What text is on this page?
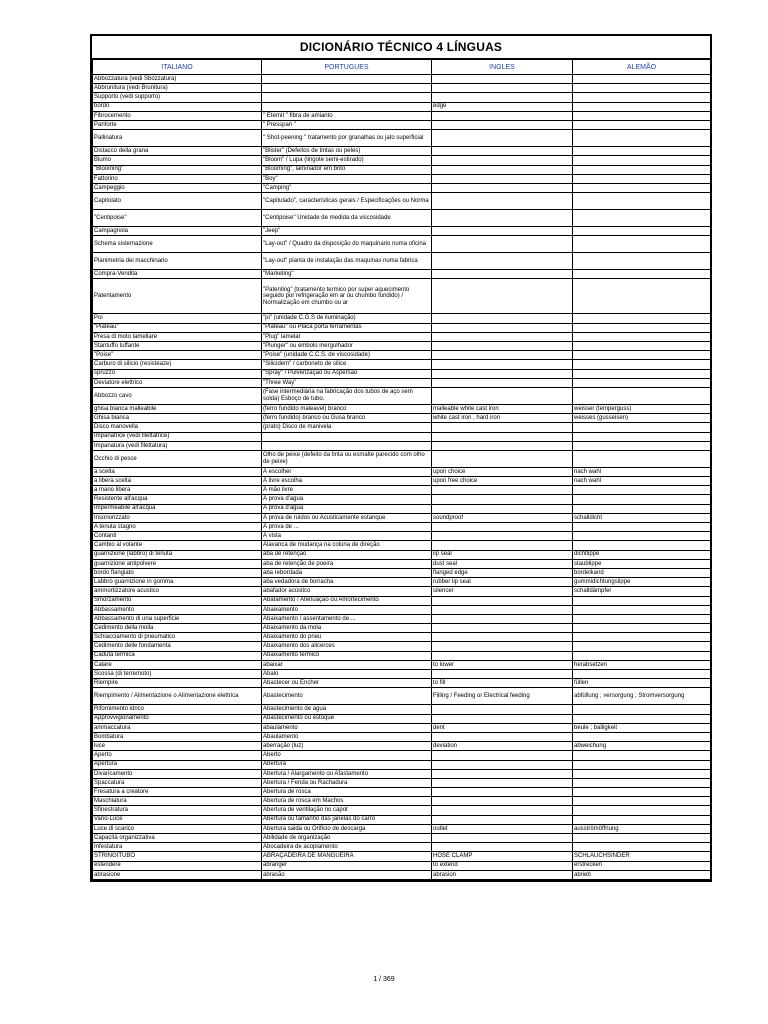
DICIONÁRIO TÉCNICO 4 LÍNGUAS
ITALIANO	PORTUGUES	INGLES	ALEMÃO
Abbozzatura (vedi Sbozzatura)			
Abbrunitura (vedi Brunitura)			
Supporto (vedi supporto)			
bordo		edge	
Fibrocemento	" Eternit " fibra de amianto		
Panforte	" Presspan "		
Pallinatura	" Shot-peening " tratamento por granalhas ou jato superficial		
Distacco della grana	"Blister" (Defeitos de tintas ou peles)		
Blumo	"Bloom" / Lupa (lingote semi-estirado)		
"Blooming"	"Blooming", laminador em brito		
Fattorino	"Boy"		
Campeggio	"Camping"		
Capitolato	"Capitulado", caracteristicas gerais / Especificações ou Norma		
"Centipoise"	"Centipoise" Unidade de medida da viscosidade		
Campagnola	"Jeep"		
Schema sistemazione	"Lay-out" / Quadro da disposição do maquinario numa oficina		
Planimetria dei macchinario	"Lay-out" planta de instalação das maquinas numa fabrica		
Compra-Vendita	"Marketing"		
Patentamento	"Patenting" (tratamento termico por super aquecimento seguido por refrigeração em ar ou chumbo fundido) / Normalização em chumbo ou ar		
Poi	"pi" (unidade C.G.S de iluminação)		
"Plateau"	"Plateau" ou Placa porta ferramentas		
Presa di moto lamellare	"Plug" lamelar		
Stantuffo tuffante	"Plunger" ou embolo mergulhador		
"Poise"	"Poise" (unidade C.C.S. de viscosidade)		
Carburo di silicio (resisteaze)	"Silicidem" / carboneto de silice		
spruzzo	"Spray" / Pulverização ou Aspersão		
Deviatore elettrico	"Three Way"		
Abbozzo cavo	(Fase intermediária na fabricação dos tubos de aço sem solda) Esboço de tubo.		
ghisa bianca malleabile	(ferro fundido maleavel) branco	malleable white cast iron	weisser (temperguss)
Ghisa bianca	(ferro fundido) branco ou Gusa branco	white cast iron , hard iron	weisses (gusseisen)
Disco manovella	(prato) Disco de manivela		
Impanatrice (vedi filettatrice)			
Impanatura (vedi filettatura)			
Occhio di pesce	Olho de peixe (defeito da tinta ou esmalte parecido com olho de peixe)		
a scelta	À escolher	upon choice	nach wahl
a libera scelta	À livre escolha	upon free choice	nach wahl
a mano libera	À mão livre		
Resistente all'acqua	À prova d'agua		
Impermeabile all'acqua	À prova d'agua		
Insonorizzato	À prova de ruidos ou Acusticamente estanque	soundproof	schalldicht
A tenuta stagno	À prova de ...		
Contanti	À vista		
Cambio al volante	Alavanca de mudança na coluna de direção		
guarnizione (labbro) di tenuta	aba de retenção	lip seal	dichtlippe
guarnizione antipolvere	aba de retenção de poeira	dust seal	staublippe
bordo flangiato	aba rebordada	flanged edge	bordelkand
Labbro guarnizione in gomma	aba vedadora de borracha	rubber lip seal	gummidichtungslippe
ammortizzatore acustico	abafador acústico	silencer	schalldämpfer
Smorzamento	Abafamento / Atenuação ou Amortecimento		
Abbassamento	Abaixamento		
Abbassamento di una superficie	Abaixamento / assentamento de ...		
Cedimento della molla	Abaixamento da mola		
Schiacciamento di pneumatico	Abaixamento do pneu		
Cedimento delle fondamenta	Abaixamento dos alicerces		
Caduta termica	Abaixamento térmico		
Calare	abaixar	to lower	herabsetzen
Scossa (di terremoto)	Abalo		
Riempire	Abastecer ou Encher	to fill	füllen
Riempimento / Alimentazione o Alimentazione elettrica	Abastecimento	Filling / Feeding or Electrical feeding	abfüllung ; versorgung ; Stromversorgung
Rifornimento idrico	Abastecimento de agua		
Approvvigionamento	Abastecimento ou estoque		
ammaccatura	abaulamento	dent	beule ; balligkeit
Bombatura	Abaulamento		
luce	aberração (luz)	deviation	abweichung
Aperto	Aberto		
Apertura	Abertura		
Divaricamento	Abertura / Alargamento ou Afastamento		
Spaccatura	Abertura / Fenda ou Rachadura		
Fresatura a creatore	Abertura de rosca		
Maschiatura	Abertura de rosca em Machos		
Sfinestratura	Abertura de ventilação no capot		
Vano-Luce	Abertura ou tamanho das janelas do carro		
Luce di scarico	Abertura saida ou Orificio de descarga	outlet	ausströmöffnung
Capacità organizzativa	Abilidade de organização		
Infestatura	Abocadeira de acoplamento		
STRINGITUBO	ABRAÇADEIRA DE MANGUEIRA	HOSE CLAMP	SCHLAUCHSINDER
estendere	abranger	to extend	erstrecken
abrasione	abrasão	abrasion	abrieb
1 / 369
